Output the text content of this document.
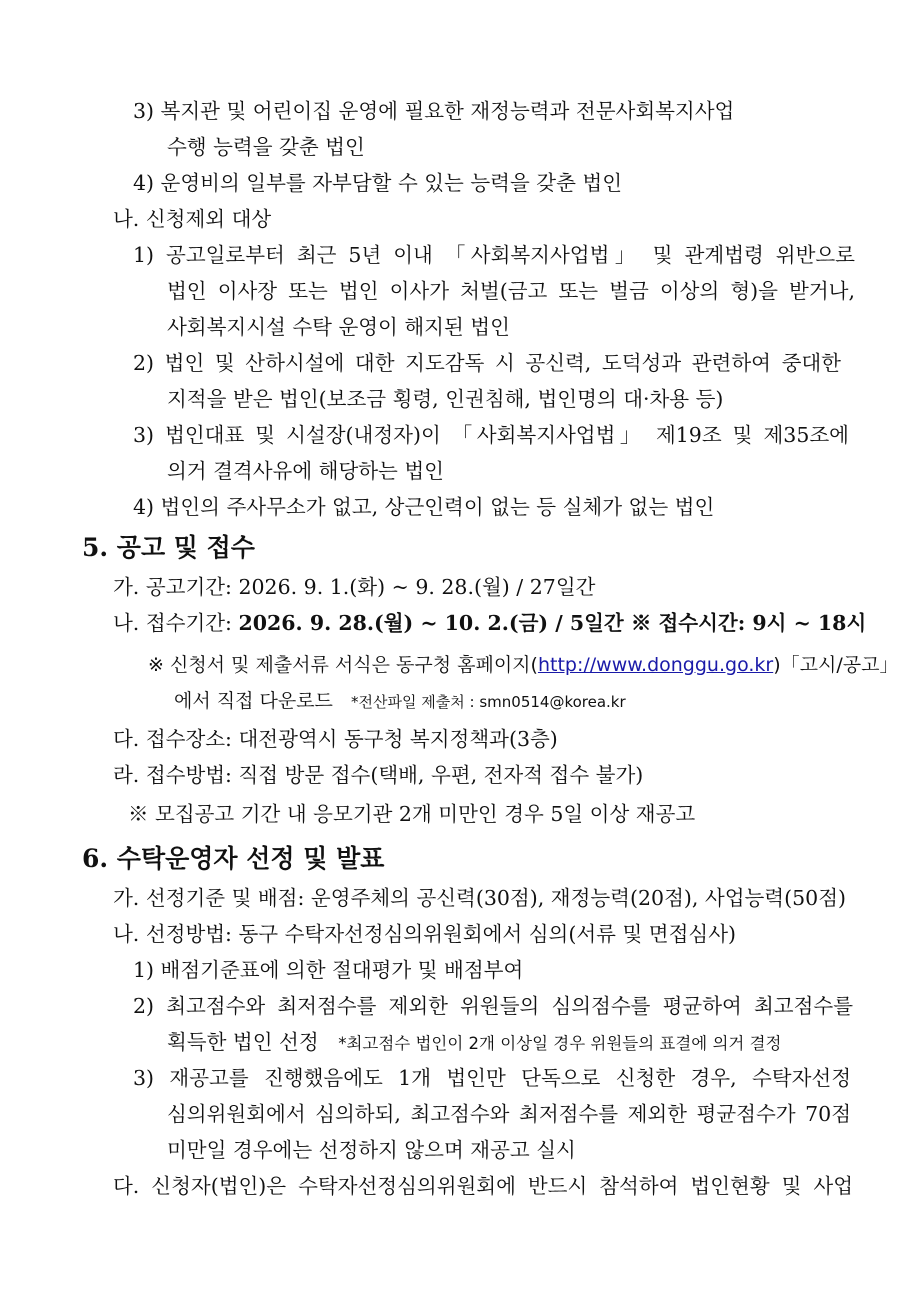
3) 복지관 및 어린이집 운영에 필요한 재정능력과 전문사회복지사업
수행 능력을 갖춘 법인
4) 운영비의 일부를 자부담할 수 있는 능력을 갖춘 법인
나. 신청제외 대상
1) 공고일로부터 최근 5년 이내 「사회복지사업법」 및 관계법령 위반으로
법인 이사장 또는 법인 이사가 처벌(금고 또는 벌금 이상의 형)을 받거나,
사회복지시설 수탁 운영이 해지된 법인
2) 법인 및 산하시설에 대한 지도감독 시 공신력, 도덕성과 관련하여 중대한
지적을 받은 법인(보조금 횡령, 인권침해, 법인명의 대·차용 등)
3) 법인대표 및 시설장(내정자)이 「사회복지사업법」 제19조 및 제35조에
의거 결격사유에 해당하는 법인
4) 법인의 주사무소가 없고, 상근인력이 없는 등 실체가 없는 법인
5. 공고 및 접수
가. 공고기간: 2026. 9. 1.(화) ~ 9. 28.(월) / 27일간
나. 접수기간: 2026. 9. 28.(월) ~ 10. 2.(금) / 5일간 ※ 접수시간: 9시 ~ 18시
※ 신청서 및 제출서류 서식은 동구청 홈페이지(http://www.donggu.go.kr)「고시/공고」
에서 직접 다운로드 *전산파일 제출처 : smn0514@korea.kr
다. 접수장소: 대전광역시 동구청 복지정책과(3층)
라. 접수방법: 직접 방문 접수(택배, 우편, 전자적 접수 불가)
※ 모집공고 기간 내 응모기관 2개 미만인 경우 5일 이상 재공고
6. 수탁운영자 선정 및 발표
가. 선정기준 및 배점: 운영주체의 공신력(30점), 재정능력(20점), 사업능력(50점)
나. 선정방법: 동구 수탁자선정심의위원회에서 심의(서류 및 면접심사)
1) 배점기준표에 의한 절대평가 및 배점부여
2) 최고점수와 최저점수를 제외한 위원들의 심의점수를 평균하여 최고점수를
획득한 법인 선정 *최고점수 법인이 2개 이상일 경우 위원들의 표결에 의거 결정
3) 재공고를 진행했음에도 1개 법인만 단독으로 신청한 경우, 수탁자선정
심의위원회에서 심의하되, 최고점수와 최저점수를 제외한 평균점수가 70점
미만일 경우에는 선정하지 않으며 재공고 실시
다. 신청자(법인)은 수탁자선정심의위원회에 반드시 참석하여 법인현황 및 사업
